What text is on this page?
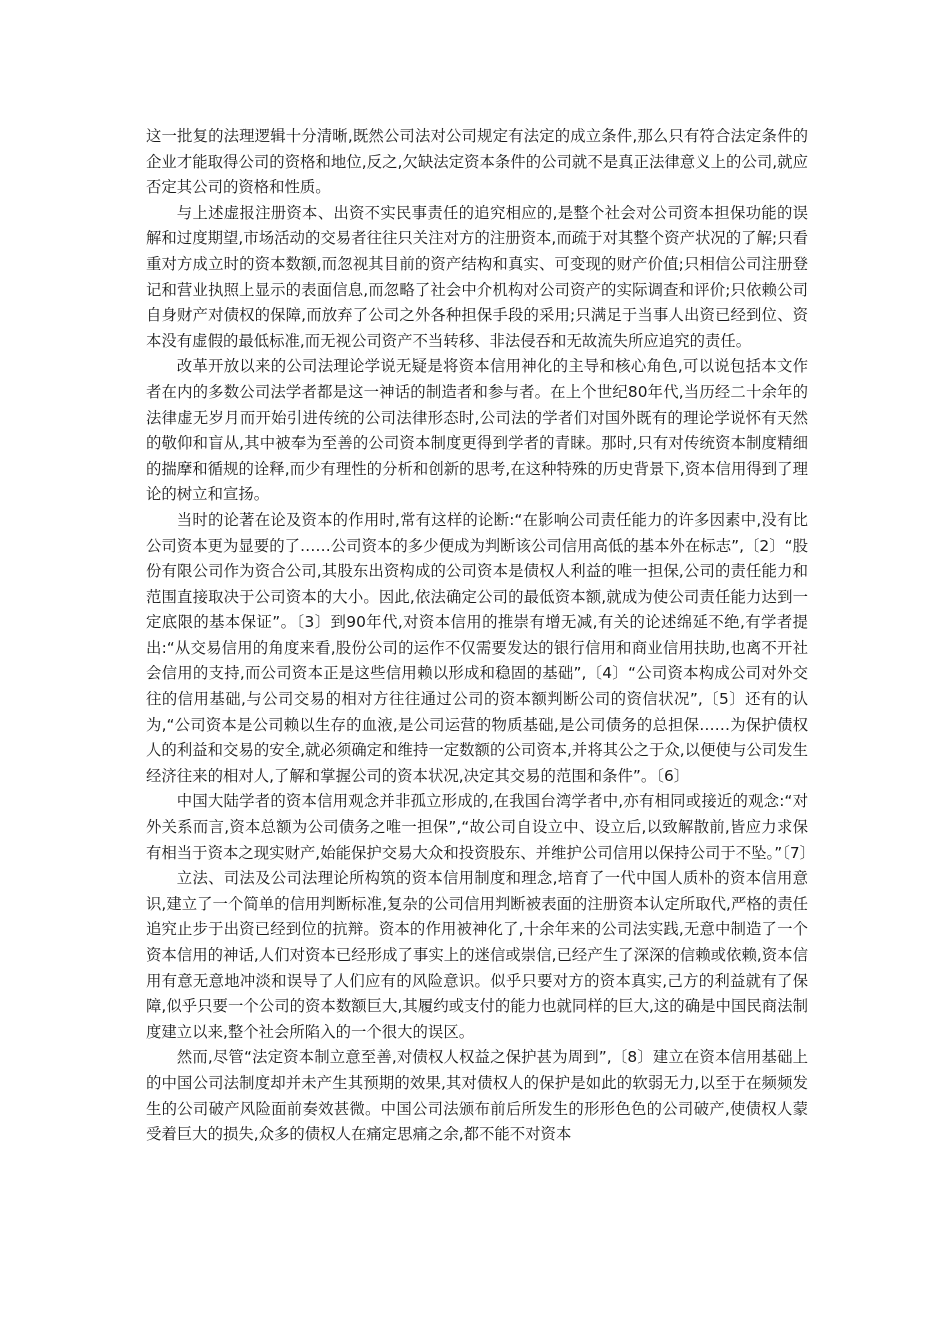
这一批复的法理逻辑十分清晰,既然公司法对公司规定有法定的成立条件,那么只有符合法定条件的企业才能取得公司的资格和地位,反之,欠缺法定资本条件的公司就不是真正法律意义上的公司,就应否定其公司的资格和性质。

与上述虚报注册资本、出资不实民事责任的追究相应的,是整个社会对公司资本担保功能的误解和过度期望,市场活动的交易者往往只关注对方的注册资本,而疏于对其整个资产状况的了解;只看重对方成立时的资本数额,而忽视其目前的资产结构和真实、可变现的财产价值;只相信公司注册登记和营业执照上显示的表面信息,而忽略了社会中介机构对公司资产的实际调查和评价;只依赖公司自身财产对债权的保障,而放弃了公司之外各种担保手段的采用;只满足于当事人出资已经到位、资本没有虚假的最低标准,而无视公司资产不当转移、非法侵吞和无故流失所应追究的责任。

改革开放以来的公司法理论学说无疑是将资本信用神化的主导和核心角色,可以说包括本文作者在内的多数公司法学者都是这一神话的制造者和参与者。在上个世纪80年代,当历经二十余年的法律虚无岁月而开始引进传统的公司法律形态时,公司法的学者们对国外既有的理论学说怀有天然的敬仰和盲从,其中被奉为至善的公司资本制度更得到学者的青睐。那时,只有对传统资本制度精细的揣摩和循规的诠释,而少有理性的分析和创新的思考,在这种特殊的历史背景下,资本信用得到了理论的树立和宣扬。

当时的论著在论及资本的作用时,常有这样的论断:“在影响公司责任能力的许多因素中,没有比公司资本更为显要的了……公司资本的多少便成为判断该公司信用高低的基本外在标志”,〔2〕“股份有限公司作为资合公司,其股东出资构成的公司资本是债权人利益的唯一担保,公司的责任能力和范围直接取决于公司资本的大小。因此,依法确定公司的最低资本额,就成为使公司责任能力达到一定底限的基本保证”。〔3〕到90年代,对资本信用的推崇有增无减,有关的论述绵延不绝,有学者提出:“从交易信用的角度来看,股份公司的运作不仅需要发达的银行信用和商业信用扶助,也离不开社会信用的支持,而公司资本正是这些信用赖以形成和稳固的基础”,〔4〕“公司资本构成公司对外交往的信用基础,与公司交易的相对方往往通过公司的资本额判断公司的资信状况”,〔5〕还有的认为,“公司资本是公司赖以生存的血液,是公司运营的物质基础,是公司债务的总担保……为保护债权人的利益和交易的安全,就必须确定和维持一定数额的公司资本,并将其公之于众,以便使与公司发生经济往来的相对人,了解和掌握公司的资本状况,决定其交易的范围和条件”。〔6〕

中国大陆学者的资本信用观念并非孤立形成的,在我国台湾学者中,亦有相同或接近的观念:“对外关系而言,资本总额为公司债务之唯一担保”,“故公司自设立中、设立后,以致解散前,皆应力求保有相当于资本之现实财产,始能保护交易大众和投资股东、并维护公司信用以保持公司于不坠。”〔7〕

立法、司法及公司法理论所构筑的资本信用制度和理念,培育了一代中国人质朴的资本信用意识,建立了一个简单的信用判断标准,复杂的公司信用判断被表面的注册资本认定所取代,严格的责任追究止步于出资已经到位的抗辩。资本的作用被神化了,十余年来的公司法实践,无意中制造了一个资本信用的神话,人们对资本已经形成了事实上的迷信或崇信,已经产生了深深的信赖或依赖,资本信用有意无意地冲淡和误导了人们应有的风险意识。似乎只要对方的资本真实,己方的利益就有了保障,似乎只要一个公司的资本数额巨大,其履约或支付的能力也就同样的巨大,这的确是中国民商法制度建立以来,整个社会所陷入的一个很大的误区。

然而,尽管“法定资本制立意至善,对债权人权益之保护甚为周到”,〔8〕建立在资本信用基础上的中国公司法制度却并未产生其预期的效果,其对债权人的保护是如此的软弱无力,以至于在频频发生的公司破产风险面前奏效甚微。中国公司法颁布前后所发生的形形色色的公司破产,使债权人蒙受着巨大的损失,众多的债权人在痛定思痛之余,都不能不对资本
